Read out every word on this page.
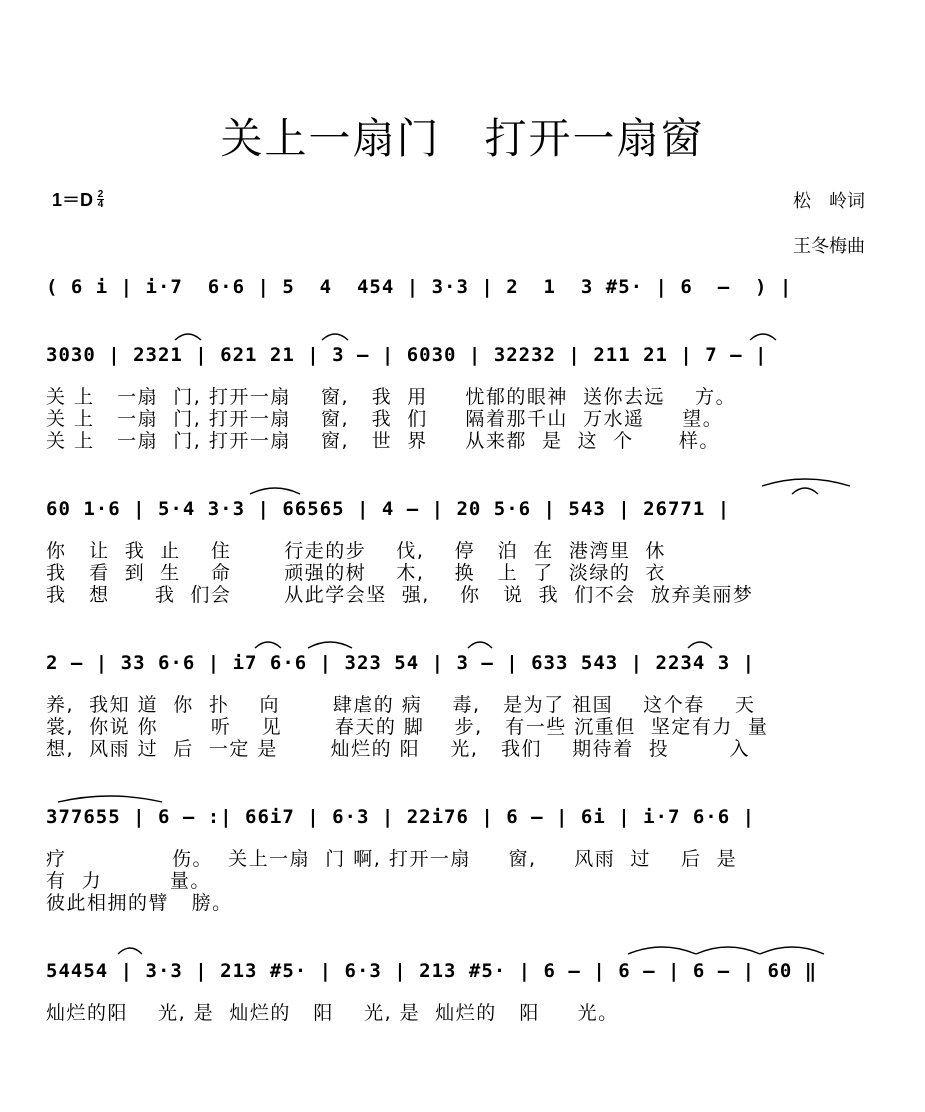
关上一扇门　打开一扇窗
$1=D \frac{2}{4}$	松　岭词
王冬梅曲
( 6 i | i·7  6·6 | 5  4  454 | 3·3 | 2  1  3 #5· | 6  –  ) |
3030 | 2321 | 621 21 | 3 – | 6030 | 32232 | 211 21 | 7 – |
关 上   一扇  门, 打开一扇    窗,   我  用     忧郁的眼神  送你去远    方。
关 上   一扇  门, 打开一扇    窗,   我  们     隔着那千山  万水遥     望。
关 上   一扇  门, 打开一扇    窗,   世  界     从来都  是  这  个      样。
60 1·6 | 5·4 3·3 | 66565 | 4 – | 20 5·6 | 543 | 26771 |
你   让  我  止    住       行走的步    伐,    停   泊  在  港湾里  休
我   看  到  生    命       顽强的树    木,    换   上  了  淡绿的  衣
我   想      我  们会       从此学会坚  强,    你   说  我  们不会  放弃美丽梦
2 – | 33 6·6 | i7 6·6 | 323 54 | 3 – | 633 543 | 2234 3 |
养,  我知 道  你  扑    向       肆虐的 病    毒,   是为了 祖国    这个春    天
裳,  你说 你       听    见       春天的 脚    步,   有一些 沉重但  坚定有力  量
想,  风雨 过  后  一定 是       灿烂的 阳    光,   我们    期待着  投        入
377655 | 6 – :| 66i7 | 6·3 | 22i76 | 6 – | 6i | i·7 6·6 |
疗              伤。  关上一扇  门 啊, 打开一扇     窗,     风雨  过    后  是
有  力         量。
彼此相拥的臂   膀。
54454 | 3·3 | 213 #5· | 6·3 | 213 #5· | 6 – | 6 – | 6 – | 60 ‖
灿烂的阳    光, 是  灿烂的   阳    光, 是  灿烂的   阳     光。
